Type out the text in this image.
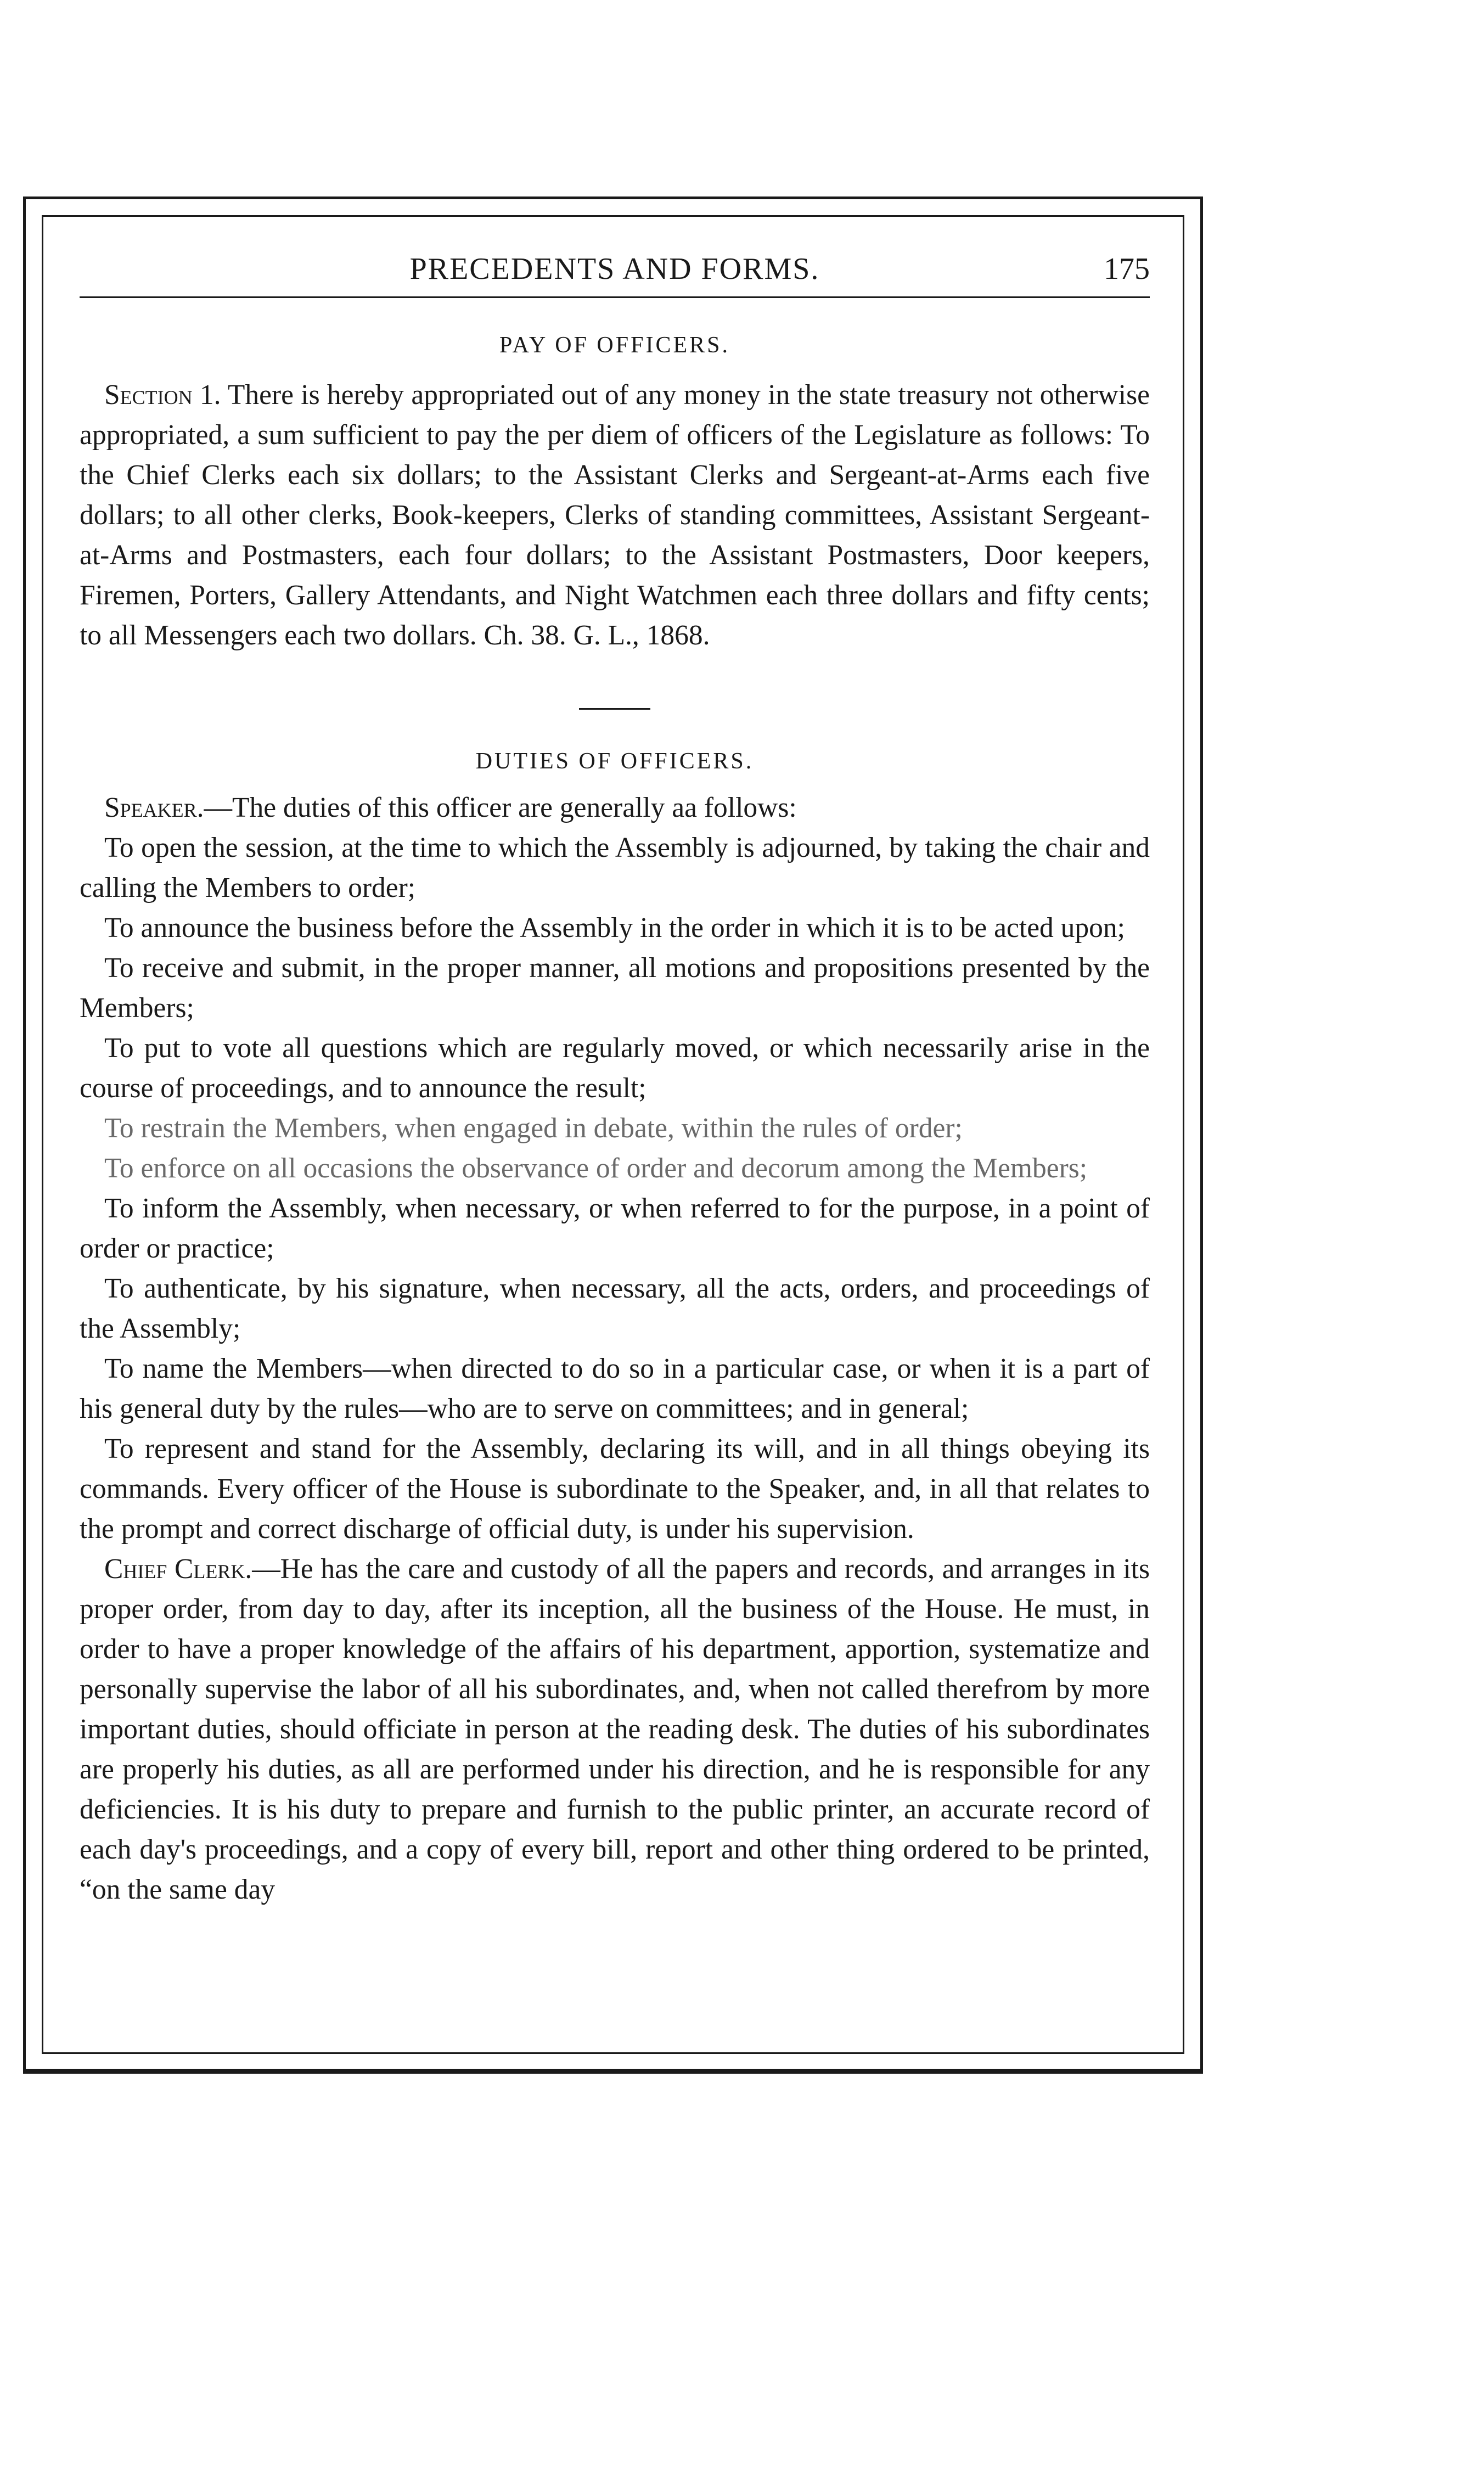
PRECEDENTS AND FORMS.	175
PAY OF OFFICERS.

Section 1. There is hereby appropriated out of any money in the state treasury not otherwise appropriated, a sum sufficient to pay the per diem of officers of the Legislature as follows: To the Chief Clerks each six dollars; to the Assistant Clerks and Sergeant-at-Arms each five dollars; to all other clerks, Book-keepers, Clerks of standing committees, Assistant Sergeant-at-Arms and Postmasters, each four dollars; to the Assistant Postmasters, Door keepers, Firemen, Porters, Gallery Attendants, and Night Watchmen each three dollars and fifty cents; to all Messengers each two dollars. Ch. 38. G. L., 1868.

DUTIES OF OFFICERS.

Speaker.—The duties of this officer are generally aa follows:

To open the session, at the time to which the Assembly is adjourned, by taking the chair and calling the Members to order;

To announce the business before the Assembly in the order in which it is to be acted upon;

To receive and submit, in the proper manner, all motions and propositions presented by the Members;

To put to vote all questions which are regularly moved, or which necessarily arise in the course of proceedings, and to announce the result;

To restrain the Members, when engaged in debate, within the rules of order;

To enforce on all occasions the observance of order and decorum among the Members;

To inform the Assembly, when necessary, or when referred to for the purpose, in a point of order or practice;

To authenticate, by his signature, when necessary, all the acts, orders, and proceedings of the Assembly;

To name the Members—when directed to do so in a particular case, or when it is a part of his general duty by the rules—who are to serve on committees; and in general;

To represent and stand for the Assembly, declaring its will, and in all things obeying its commands. Every officer of the House is subordinate to the Speaker, and, in all that relates to the prompt and correct discharge of official duty, is under his supervision.

Chief Clerk.—He has the care and custody of all the papers and records, and arranges in its proper order, from day to day, after its inception, all the business of the House. He must, in order to have a proper knowledge of the affairs of his department, apportion, systematize and personally supervise the labor of all his subordinates, and, when not called therefrom by more important duties, should officiate in person at the reading desk. The duties of his subordinates are properly his duties, as all are performed under his direction, and he is responsible for any deficiencies. It is his duty to prepare and furnish to the public printer, an accurate record of each day's proceedings, and a copy of every bill, report and other thing ordered to be printed, “on the same day
